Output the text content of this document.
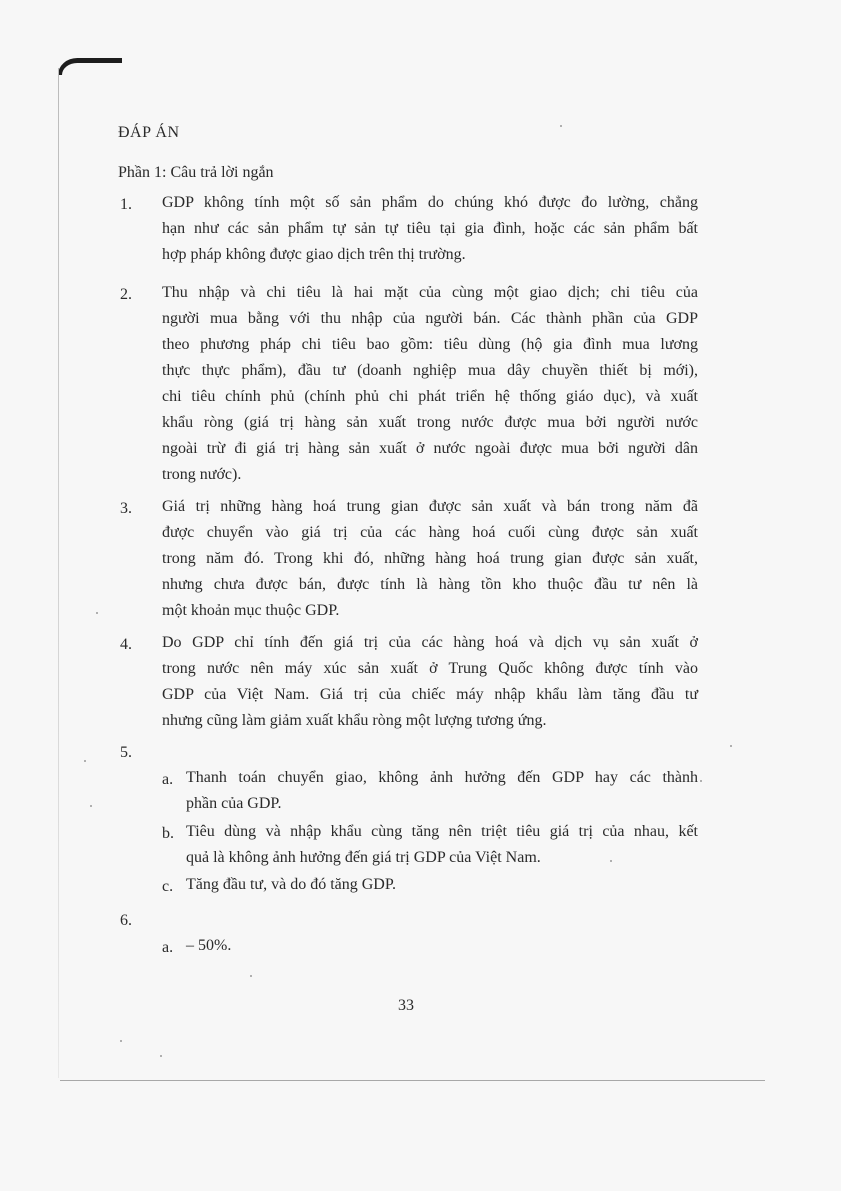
ĐÁP ÁN
Phần 1: Câu trả lời ngắn
1. GDP không tính một số sản phẩm do chúng khó được đo lường, chẳng
hạn như các sản phẩm tự sản tự tiêu tại gia đình, hoặc các sản phẩm bất
hợp pháp không được giao dịch trên thị trường.
2. Thu nhập và chi tiêu là hai mặt của cùng một giao dịch; chi tiêu của
người mua bằng với thu nhập của người bán. Các thành phần của GDP
theo phương pháp chi tiêu bao gồm: tiêu dùng (hộ gia đình mua lương
thực thực phẩm), đầu tư (doanh nghiệp mua dây chuyền thiết bị mới),
chi tiêu chính phủ (chính phủ chi phát triển hệ thống giáo dục), và xuất
khẩu ròng (giá trị hàng sản xuất trong nước được mua bởi người nước
ngoài trừ đi giá trị hàng sản xuất ở nước ngoài được mua bởi người dân
trong nước).
3. Giá trị những hàng hoá trung gian được sản xuất và bán trong năm đã
được chuyển vào giá trị của các hàng hoá cuối cùng được sản xuất
trong năm đó. Trong khi đó, những hàng hoá trung gian được sản xuất,
nhưng chưa được bán, được tính là hàng tồn kho thuộc đầu tư nên là
một khoản mục thuộc GDP.
4. Do GDP chỉ tính đến giá trị của các hàng hoá và dịch vụ sản xuất ở
trong nước nên máy xúc sản xuất ở Trung Quốc không được tính vào
GDP của Việt Nam. Giá trị của chiếc máy nhập khẩu làm tăng đầu tư
nhưng cũng làm giảm xuất khẩu ròng một lượng tương ứng.
5.
a. Thanh toán chuyển giao, không ảnh hưởng đến GDP hay các thành
phần của GDP.
b. Tiêu dùng và nhập khẩu cùng tăng nên triệt tiêu giá trị của nhau, kết
quả là không ảnh hưởng đến giá trị GDP của Việt Nam.
c. Tăng đầu tư, và do đó tăng GDP.
6.
a. – 50%.
33
